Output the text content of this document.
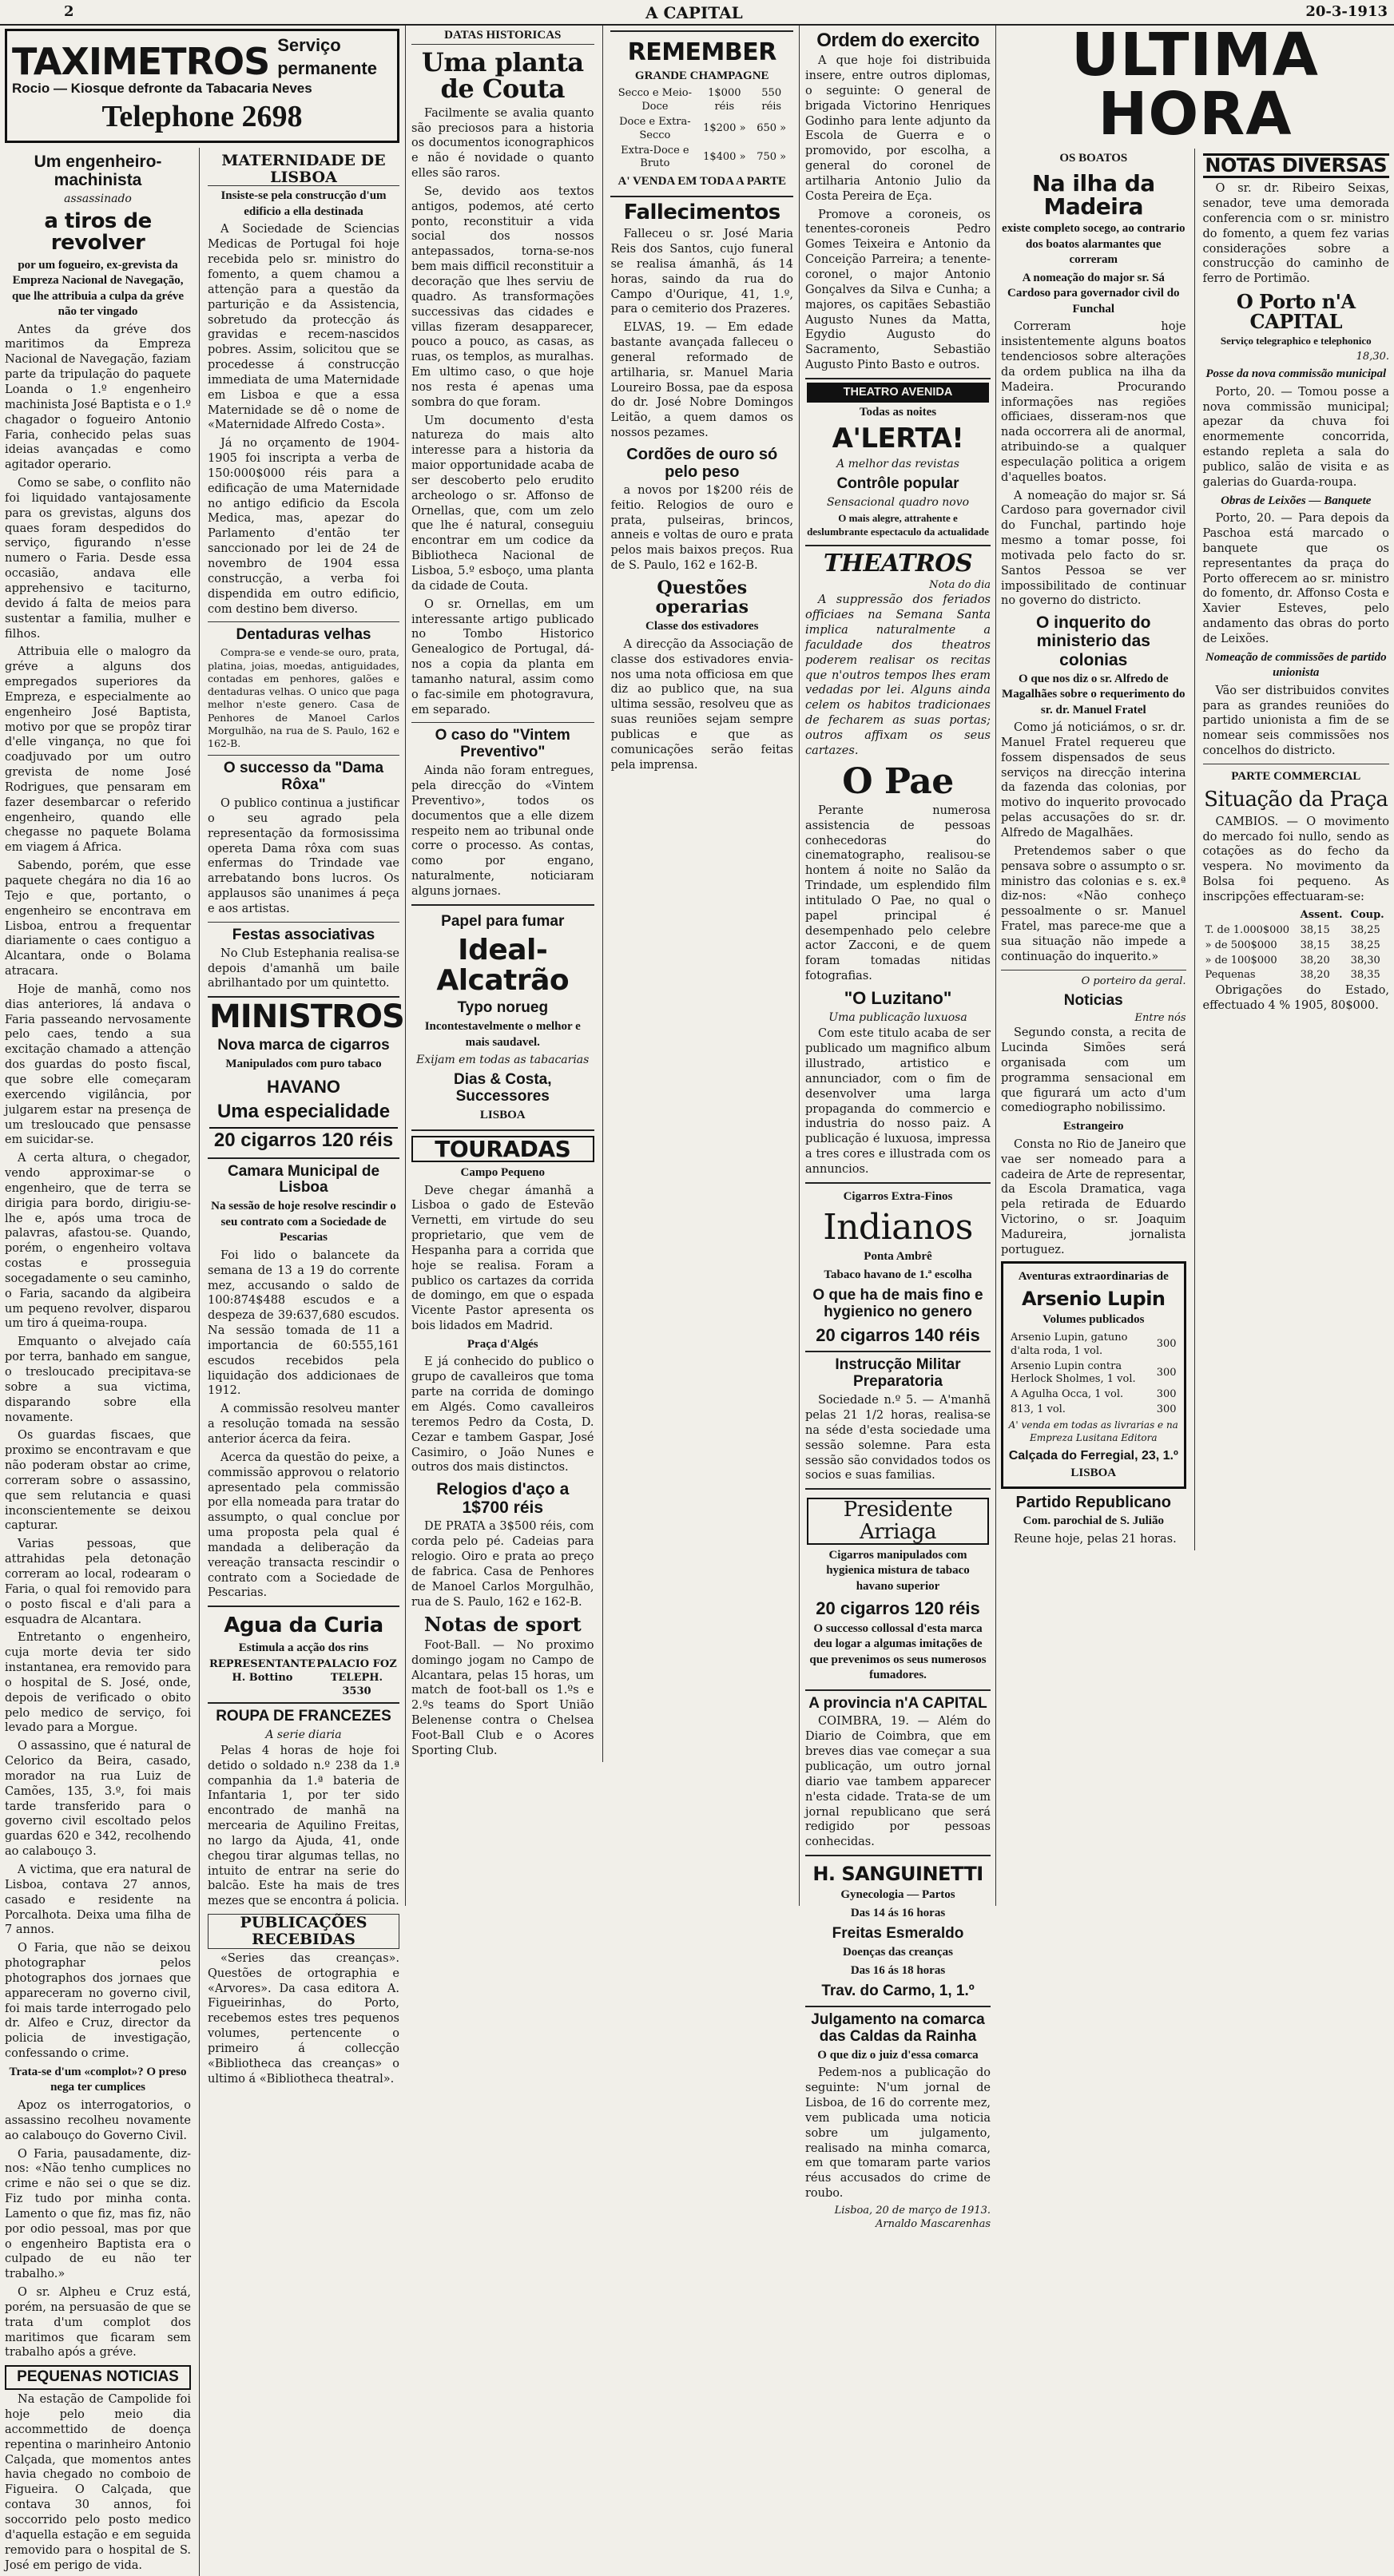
2	A CAPITAL	20-3-1913
TAXIMETROS Serviço permanente
Rocio — Kiosque defronte da Tabacaria Neves
Telephone 2698
Um engenheiro-machinista
assassinado
a tiros de revolver
por um fogueiro, ex-grevista da Empreza Nacional de Navegação, que lhe attribuia a culpa da gréve não ter vingado

Antes da gréve dos maritimos da Empreza Nacional de Navegação, faziam parte da tripulação do paquete Loanda o 1.º engenheiro machinista José Baptista e o 1.º chagador o fogueiro Antonio Faria, conhecido pelas suas ideias avançadas e como agitador operario.

Como se sabe, o conflito não foi liquidado vantajosamente para os grevistas, alguns dos quaes foram despedidos do serviço, figurando n'esse numero o Faria. Desde essa occasião, andava elle apprehensivo e taciturno, devido á falta de meios para sustentar a familia, mulher e filhos.

Attribuia elle o malogro da gréve a alguns dos empregados superiores da Empreza, e especialmente ao engenheiro José Baptista, motivo por que se propôz tirar d'elle vingança, no que foi coadjuvado por um outro grevista de nome José Rodrigues, que pensaram em fazer desembarcar o referido engenheiro, quando elle chegasse no paquete Bolama em viagem á Africa.

Sabendo, porém, que esse paquete chegára no dia 16 ao Tejo e que, portanto, o engenheiro se encontrava em Lisboa, entrou a frequentar diariamente o caes contiguo a Alcantara, onde o Bolama atracara.

Hoje de manhã, como nos dias anteriores, lá andava o Faria passeando nervosamente pelo caes, tendo a sua excitação chamado a attenção dos guardas do posto fiscal, que sobre elle começaram exercendo vigilância, por julgarem estar na presença de um tresloucado que pensasse em suicidar-se.

A certa altura, o chegador, vendo approximar-se o engenheiro, que de terra se dirigia para bordo, dirigiu-se-lhe e, após uma troca de palavras, afastou-se. Quando, porém, o engenheiro voltava costas e prosseguia socegadamente o seu caminho, o Faria, sacando da algibeira um pequeno revolver, disparou um tiro á queima-roupa.

Emquanto o alvejado caía por terra, banhado em sangue, o tresloucado precipitava-se sobre a sua victima, disparando sobre ella novamente.

Os guardas fiscaes, que proximo se encontravam e que não poderam obstar ao crime, correram sobre o assassino, que sem relutancia e quasi inconscientemente se deixou capturar.

Varias pessoas, que attrahidas pela detonação correram ao local, rodearam o Faria, o qual foi removido para o posto fiscal e d'ali para a esquadra de Alcantara.

Entretanto o engenheiro, cuja morte devia ter sido instantanea, era removido para o hospital de S. José, onde, depois de verificado o obito pelo medico de serviço, foi levado para a Morgue.

O assassino, que é natural de Celorico da Beira, casado, morador na rua Luiz de Camões, 135, 3.º, foi mais tarde transferido para o governo civil escoltado pelos guardas 620 e 342, recolhendo ao calabouço 3.

A victima, que era natural de Lisboa, contava 27 annos, casado e residente na Porcalhota. Deixa uma filha de 7 annos.

O Faria, que não se deixou photographar pelos photographos dos jornaes que appareceram no governo civil, foi mais tarde interrogado pelo dr. Alfeo e Cruz, director da policia de investigação, confessando o crime.

Trata-se d'um «complot»? O preso nega ter cumplices

Apoz os interrogatorios, o assassino recolheu novamente ao calabouço do Governo Civil.

O Faria, pausadamente, diz-nos: «Não tenho cumplices no crime e não sei o que se diz. Fiz tudo por minha conta. Lamento o que fiz, mas fiz, não por odio pessoal, mas por que o engenheiro Baptista era o culpado de eu não ter trabalho.»

O sr. Alpheu e Cruz está, porém, na persuasão de que se trata d'um complot dos maritimos que ficaram sem trabalho após a gréve.

PEQUENAS NOTICIAS

Na estação de Campolide foi hoje pelo meio dia accommettido de doença repentina o marinheiro Antonio Calçada, que momentos antes havia chegado no comboio de Figueira. O Calçada, que contava 30 annos, foi soccorrido pelo posto medico d'aquella estação e em seguida removido para o hospital de S. José em perigo de vida.

MATERNIDADE DE LISBOA
Insiste-se pela construcção d'um edificio a ella destinada

A Sociedade de Sciencias Medicas de Portugal foi hoje recebida pelo sr. ministro do fomento, a quem chamou a attenção para a questão da parturição e da Assistencia, sobretudo da protecção ás gravidas e recem-nascidos pobres. Assim, solicitou que se procedesse á construcção immediata de uma Maternidade em Lisboa e que a essa Maternidade se dê o nome de «Maternidade Alfredo Costa».

Já no orçamento de 1904-1905 foi inscripta a verba de 150:000$000 réis para a edificação de uma Maternidade no antigo edificio da Escola Medica, mas, apezar do Parlamento d'então ter sanccionado por lei de 24 de novembro de 1904 essa construcção, a verba foi dispendida em outro edificio, com destino bem diverso.

Dentaduras velhas

Compra-se e vende-se ouro, prata, platina, joias, moedas, antiguidades, contadas em penhores, galões e dentaduras velhas. O unico que paga melhor n'este genero. Casa de Penhores de Manoel Carlos Morgulhão, na rua de S. Paulo, 162 e 162-B.

O successo da "Dama Rôxa"

O publico continua a justificar o seu agrado pela representação da formosissima opereta Dama rôxa com suas enfermas do Trindade vae arrebatando bons lucros. Os applausos são unanimes á peça e aos artistas.

Festas associativas

No Club Estephania realisa-se depois d'amanhã um baile abrilhantado por um quintetto.

MINISTROS
Nova marca de cigarros
Manipulados com puro tabaco
HAVANO
Uma especialidade
20 cigarros 120 réis
Camara Municipal de Lisboa
Na sessão de hoje resolve rescindir o seu contrato com a Sociedade de Pescarias

Foi lido o balancete da semana de 13 a 19 do corrente mez, accusando o saldo de 100:874$488 escudos e a despeza de 39:637,680 escudos. Na sessão tomada de 11 a importancia de 60:555,161 escudos recebidos pela liquidação dos addicionaes de 1912.

A commissão resolveu manter a resolução tomada na sessão anterior ácerca da feira.

Acerca da questão do peixe, a commissão approvou o relatorio apresentado pela commissão por ella nomeada para tratar do assumpto, o qual conclue por uma proposta pela qual é mandada a deliberação da vereação transacta rescindir o contrato com a Sociedade de Pescarias.

Agua da Curia
Estimula a acção dos rins
REPRESENTANTE H. Bottino
PALACIO FOZ TELEPH. 3530
ROUPA DE FRANCEZES
A serie diaria

Pelas 4 horas de hoje foi detido o soldado n.º 238 da 1.ª companhia da 1.ª bateria de Infantaria 1, por ter sido encontrado de manhã na mercearia de Aquilino Freitas, no largo da Ajuda, 41, onde chegou tirar algumas tellas, no intuito de entrar na serie do balcão. Este ha mais de tres mezes que se encontra á policia.

PUBLICAÇÕES RECEBIDAS

«Series das creanças». Questões de ortographia e «Arvores». Da casa editora A. Figueirinhas, do Porto, recebemos estes tres pequenos volumes, pertencente o primeiro á collecção «Bibliotheca das creanças» o ultimo á «Bibliotheca theatral».

DATAS HISTORICAS
Uma planta de Couta

Facilmente se avalia quanto são preciosos para a historia os documentos iconographicos e não é novidade o quanto elles são raros.

Se, devido aos textos antigos, podemos, até certo ponto, reconstituir a vida social dos nossos antepassados, torna-se-nos bem mais difficil reconstituir a decoração que lhes serviu de quadro. As transformações successivas das cidades e villas fizeram desapparecer, pouco a pouco, as casas, as ruas, os templos, as muralhas. Em ultimo caso, o que hoje nos resta é apenas uma sombra do que foram.

Um documento d'esta natureza do mais alto interesse para a historia da maior opportunidade acaba de ser descoberto pelo erudito archeologo o sr. Affonso de Ornellas, que, com um zelo que lhe é natural, conseguiu encontrar em um codice da Bibliotheca Nacional de Lisboa, 5.º esboço, uma planta da cidade de Couta.

O sr. Ornellas, em um interessante artigo publicado no Tombo Historico Genealogico de Portugal, dá-nos a copia da planta em tamanho natural, assim como o fac-simile em photogravura, em separado.

O caso do "Vintem Preventivo"

Ainda não foram entregues, pela direcção do «Vintem Preventivo», todos os documentos que a elle dizem respeito nem ao tribunal onde corre o processo. As contas, como por engano, naturalmente, noticiaram alguns jornaes.

Papel para fumar
Ideal-Alcatrão
Typo norueg
Incontestavelmente o melhor e mais saudavel.
Exijam em todas as tabacarias
Dias & Costa, Successores
LISBOA
TOURADAS
Campo Pequeno

Deve chegar ámanhã a Lisboa o gado de Estevão Vernetti, em virtude do seu proprietario, que vem de Hespanha para a corrida que hoje se realisa. Foram a publico os cartazes da corrida de domingo, em que o espada Vicente Pastor apresenta os bois lidados em Madrid.

Praça d'Algés

E já conhecido do publico o grupo de cavalleiros que toma parte na corrida de domingo em Algés. Como cavalleiros teremos Pedro da Costa, D. Cezar e tambem Gaspar, José Casimiro, o João Nunes e outros dos mais distinctos.

Relogios d'aço a 1$700 réis

DE PRATA a 3$500 réis, com corda pelo pé. Cadeias para relogio. Oiro e prata ao preço de fabrica. Casa de Penhores de Manoel Carlos Morgulhão, rua de S. Paulo, 162 e 162-B.

Notas de sport

Foot-Ball. — No proximo domingo jogam no Campo de Alcantara, pelas 15 horas, um match de foot-ball os 1.ºs e 2.ºs teams do Sport União Belenense contra o Chelsea Foot-Ball Club e o Acores Sporting Club.

REMEMBER
GRANDE CHAMPAGNE
Secco e Meio-Doce	1$000 réis	550 réis
Doce e Extra-Secco	1$200 »	650 »
Extra-Doce e Bruto	1$400 »	750 »
A' VENDA EM TODA A PARTE
Fallecimentos

Falleceu o sr. José Maria Reis dos Santos, cujo funeral se realisa ámanhã, ás 14 horas, saindo da rua do Campo d'Ourique, 41, 1.º, para o cemiterio dos Prazeres.

ELVAS, 19. — Em edade bastante avançada falleceu o general reformado de artilharia, sr. Manuel Maria Loureiro Bossa, pae da esposa do dr. José Nobre Domingos Leitão, a quem damos os nossos pezames.

Cordões de ouro só pelo peso

a novos por 1$200 réis de feitio. Relogios de ouro e prata, pulseiras, brincos, anneis e voltas de ouro e prata pelos mais baixos preços. Rua de S. Paulo, 162 e 162-B.

Questões operarias
Classe dos estivadores

A direcção da Associação de classe dos estivadores envia-nos uma nota officiosa em que diz ao publico que, na sua ultima sessão, resolveu que as suas reuniões sejam sempre publicas e que as comunicações serão feitas pela imprensa.

Ordem do exercito

A que hoje foi distribuida insere, entre outros diplomas, o seguinte: O general de brigada Victorino Henriques Godinho para lente adjunto da Escola de Guerra e o promovido, por escolha, a general do coronel de artilharia Antonio Julio da Costa Pereira de Eça.

Promove a coroneis, os tenentes-coroneis Pedro Gomes Teixeira e Antonio da Conceição Parreira; a tenente-coronel, o major Antonio Gonçalves da Silva e Cunha; a majores, os capitães Sebastião Augusto Nunes da Matta, Egydio Augusto do Sacramento, Sebastião Augusto Pinto Basto e outros.

THEATRO AVENIDA
Todas as noites
A'LERTA!
A melhor das revistas
Contrôle popular
Sensacional quadro novo
O mais alegre, attrahente e deslumbrante espectaculo da actualidade
THEATROS
Nota do dia

A suppressão dos feriados officiaes na Semana Santa implica naturalmente a faculdade dos theatros poderem realisar os recitas que n'outros tempos lhes eram vedadas por lei. Alguns ainda celem os habitos tradicionaes de fecharem as suas portas; outros affixam os seus cartazes.

O Pae

Perante numerosa assistencia de pessoas conhecedoras do cinematographo, realisou-se hontem á noite no Salão da Trindade, um esplendido film intitulado O Pae, no qual o papel principal é desempenhado pelo celebre actor Zacconi, e de quem foram tomadas nitidas fotografias.

"O Luzitano"
Uma publicação luxuosa

Com este titulo acaba de ser publicado um magnifico album illustrado, artistico e annunciador, com o fim de desenvolver uma larga propaganda do commercio e industria do nosso paiz. A publicação é luxuosa, impressa a tres cores e illustrada com os annuncios.

Cigarros Extra-Finos
Indianos
Ponta Ambrê
Tabaco havano de 1.ª escolha
O que ha de mais fino e hygienico no genero
20 cigarros 140 réis
Instrucção Militar Preparatoria

Sociedade n.º 5. — A'manhã pelas 21 1/2 horas, realisa-se na séde d'esta sociedade uma sessão solemne. Para esta sessão são convidados todos os socios e suas familias.

Presidente Arriaga
Cigarros manipulados com hygienica mistura de tabaco havano superior
20 cigarros 120 réis
O successo collossal d'esta marca deu logar a algumas imitações de que prevenimos os seus numerosos fumadores.
A provincia n'A CAPITAL

COIMBRA, 19. — Além do Diario de Coimbra, que em breves dias vae começar a sua publicação, um outro jornal diario vae tambem apparecer n'esta cidade. Trata-se de um jornal republicano que será redigido por pessoas conhecidas.

H. SANGUINETTI
Gynecologia — Partos
Das 14 ás 16 horas
Freitas Esmeraldo
Doenças das creanças
Das 16 ás 18 horas
Trav. do Carmo, 1, 1.º
Julgamento na comarca das Caldas da Rainha
O que diz o juiz d'essa comarca

Pedem-nos a publicação do seguinte: N'um jornal de Lisboa, de 16 do corrente mez, vem publicada uma noticia sobre um julgamento, realisado na minha comarca, em que tomaram parte varios réus accusados do crime de roubo.

Lisboa, 20 de março de 1913. Arnaldo Mascarenhas
ULTIMA HORA
OS BOATOS
Na ilha da Madeira
existe completo socego, ao contrario dos boatos alarmantes que correram
A nomeação do major sr. Sá Cardoso para governador civil do Funchal

Correram hoje insistentemente alguns boatos tendenciosos sobre alterações da ordem publica na ilha da Madeira. Procurando informações nas regiões officiaes, disseram-nos que nada occorrera ali de anormal, atribuindo-se a qualquer especulação politica a origem d'aquelles boatos.

A nomeação do major sr. Sá Cardoso para governador civil do Funchal, partindo hoje mesmo a tomar posse, foi motivada pelo facto do sr. Santos Pessoa se ver impossibilitado de continuar no governo do districto.

O inquerito do ministerio das colonias
O que nos diz o sr. Alfredo de Magalhães sobre o requerimento do sr. dr. Manuel Fratel

Como já noticiámos, o sr. dr. Manuel Fratel requereu que fossem dispensados de seus serviços na direcção interina da fazenda das colonias, por motivo do inquerito provocado pelas accusações do sr. dr. Alfredo de Magalhães.

Pretendemos saber o que pensava sobre o assumpto o sr. ministro das colonias e s. ex.ª diz-nos: «Não conheço pessoalmente o sr. Manuel Fratel, mas parece-me que a sua situação não impede a continuação do inquerito.»

O porteiro da geral.
Noticias
Entre nós

Segundo consta, a recita de Lucinda Simões será organisada com um programma sensacional em que figurará um acto d'um comediographo nobilissimo.

Estrangeiro

Consta no Rio de Janeiro que vae ser nomeado para a cadeira de Arte de representar, da Escola Dramatica, vaga pela retirada de Eduardo Victorino, o sr. Joaquim Madureira, jornalista portuguez.

Aventuras extraordinarias de
Arsenio Lupin
Volumes publicados
Arsenio Lupin, gatuno d'alta roda, 1 vol.	300
Arsenio Lupin contra Herlock Sholmes, 1 vol.	300
A Agulha Occa, 1 vol.	300
813, 1 vol.	300
A' venda em todas as livrarias e na Empreza Lusitana Editora
Calçada do Ferregial, 23, 1.º
LISBOA
Partido Republicano
Com. parochial de S. Julião

Reune hoje, pelas 21 horas.

NOTAS DIVERSAS

O sr. dr. Ribeiro Seixas, senador, teve uma demorada conferencia com o sr. ministro do fomento, a quem fez varias considerações sobre a construcção do caminho de ferro de Portimão.

O Porto n'A CAPITAL
Serviço telegraphico e telephonico
18,30.
Posse da nova commissão municipal

Porto, 20. — Tomou posse a nova commissão municipal; apezar da chuva foi enormemente concorrida, estando repleta a sala do publico, salão de visita e as galerias do Guarda-roupa.

Obras de Leixões — Banquete

Porto, 20. — Para depois da Paschoa está marcado o banquete que os representantes da praça do Porto offerecem ao sr. ministro do fomento, dr. Affonso Costa e Xavier Esteves, pelo andamento das obras do porto de Leixões.

Nomeação de commissões de partido unionista

Vão ser distribuidos convites para as grandes reuniões do partido unionista a fim de se nomear seis commissões nos concelhos do districto.

PARTE COMMERCIAL
Situação da Praça

CAMBIOS. — O movimento do mercado foi nullo, sendo as cotações as do fecho da vespera. No movimento da Bolsa foi pequeno. As inscripções effectuaram-se:

	Assent.	Coup.
T. de 1.000$000	38,15	38,25
» de 500$000	38,15	38,25
» de 100$000	38,20	38,30
Pequenas	38,20	38,35

Obrigações do Estado, effectuado 4 % 1905, 80$000.
